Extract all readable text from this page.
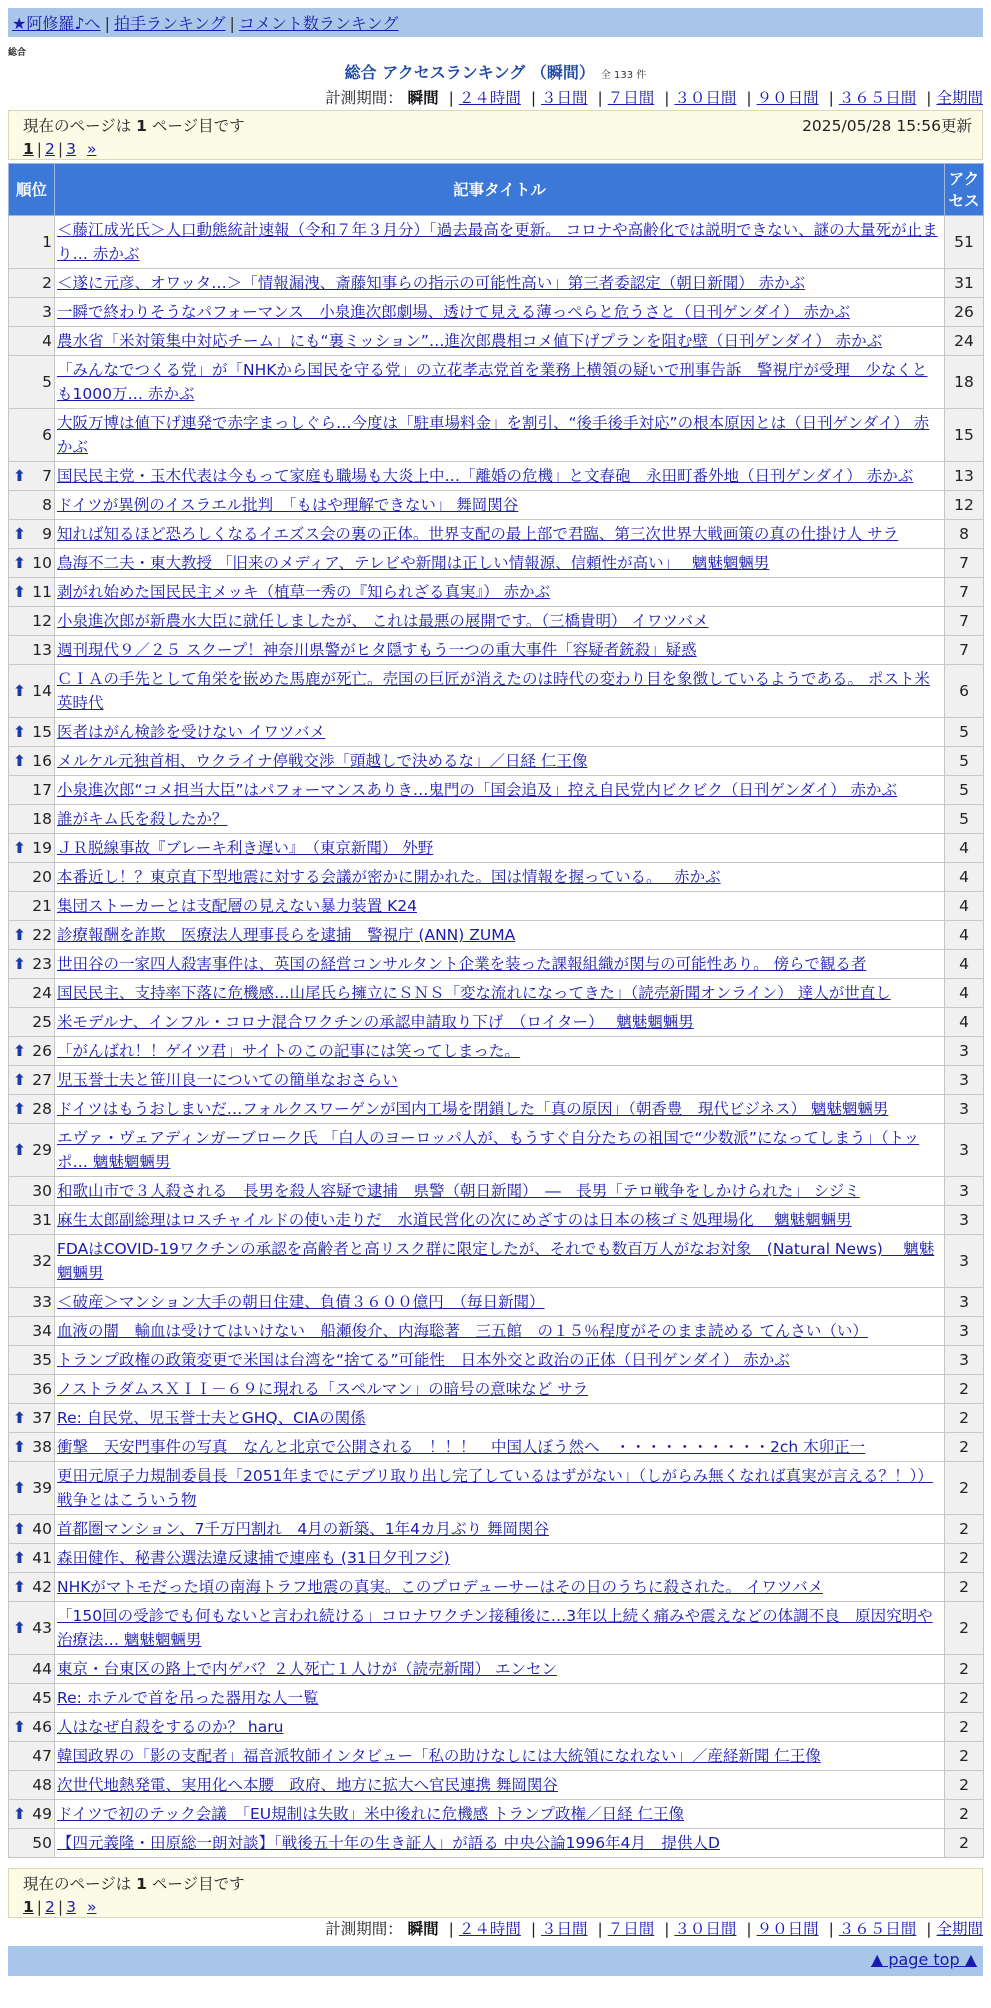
★阿修羅♪へ | 拍手ランキング | コメント数ランキング
総合
総合 アクセスランキング （瞬間） 全 133 件
計測期間： 瞬間 | ２４時間 | ３日間 | ７日間 | ３０日間 | ９０日間 | ３６５日間 | 全期間
現在のページは 1 ページ目です	2025/05/28 15:56更新
1 | 2 | 3 »
順位	記事タイトル	アクセス
1	＜藤江成光氏＞人口動態統計速報（令和７年３月分）「過去最高を更新。 コロナや高齢化では説明できない、謎の大量死が止まり… 赤かぶ	51
2	＜遂に元彦、オワッタ…＞「情報漏洩、斎藤知事らの指示の可能性高い」第三者委認定（朝日新聞） 赤かぶ	31
3	一瞬で終わりそうなパフォーマンス　小泉進次郎劇場、透けて見える薄っぺらと危うさと（日刊ゲンダイ） 赤かぶ	26
4	農水省「米対策集中対応チーム」にも“裏ミッション”…進次郎農相コメ値下げプランを阻む壁（日刊ゲンダイ） 赤かぶ	24
5	「みんなでつくる党」が「NHKから国民を守る党」の立花孝志党首を業務上横領の疑いで刑事告訴　警視庁が受理　少なくとも1000万… 赤かぶ	18
6	大阪万博は値下げ連発で赤字まっしぐら…今度は「駐車場料金」を割引、“後手後手対応”の根本原因とは（日刊ゲンダイ） 赤かぶ	15

⬆ 7	国民民主党・玉木代表は今もって家庭も職場も大炎上中…「離婚の危機」と文春砲　永田町番外地（日刊ゲンダイ） 赤かぶ	13
8	ドイツが異例のイスラエル批判　「もはや理解できない」 舞岡関谷	12

⬆ 9	知れば知るほど恐ろしくなるイエズス会の裏の正体。世界支配の最上部で君臨、第三次世界大戦画策の真の仕掛け人 サラ	8

⬆ 10	鳥海不二夫・東大教授 「旧来のメディア、テレビや新聞は正しい情報源、信頼性が高い」　 魑魅魍魎男	7

⬆ 11	剥がれ始めた国民民主メッキ（植草一秀の『知られざる真実』） 赤かぶ	7
12	小泉進次郎が新農水大臣に就任しましたが、 これは最悪の展開です。（三橋貴明） イワツバメ	7
13	週刊現代９／２５ スクープ！神奈川県警がヒタ隠すもう一つの重大事件「容疑者銃殺」疑惑	7

⬆ 14	ＣＩＡの手先として角栄を嵌めた馬鹿が死亡。売国の巨匠が消えたのは時代の変わり目を象徴しているようである。 ポスト米英時代	6

⬆ 15	医者はがん検診を受けない イワツバメ	5

⬆ 16	メルケル元独首相、ウクライナ停戦交渉「頭越しで決めるな」／日経 仁王像	5
17	小泉進次郎“コメ担当大臣”はパフォーマンスありき…鬼門の「国会追及」控え自民党内ビクビク（日刊ゲンダイ） 赤かぶ	5
18	誰がキム氏を殺したか？	5

⬆ 19	ＪＲ脱線事故『ブレーキ利き遅い』　（東京新聞） 外野	4
20	本番近し！？東京直下型地震に対する会議が密かに開かれた。国は情報を握っている。　 赤かぶ	4
21	集団ストーカーとは支配層の見えない暴力装置 K24	4

⬆ 22	診療報酬を詐欺　医療法人理事長らを逮捕　警視庁 (ANN) ZUMA	4

⬆ 23	世田谷の一家四人殺害事件は、英国の経営コンサルタント企業を装った課報組織が関与の可能性あり。 傍らで観る者	4
24	国民民主、支持率下落に危機感…山尾氏ら擁立にＳＮＳ「変な流れになってきた」（読売新聞オンライン） 達人が世直し	4
25	米モデルナ、インフル・コロナ混合ワクチンの承認申請取り下げ　（ロイター）　 魑魅魍魎男	4

⬆ 26	「がんばれ！！ゲイツ君」サイトのこの記事には笑ってしまった。	3

⬆ 27	児玉誉士夫と笹川良一についての簡単なおさらい	3

⬆ 28	ドイツはもうおしまいだ…フォルクスワーゲンが国内工場を閉鎖した「真の原因」（朝香豊　現代ビジネス） 魑魅魍魎男	3

⬆ 29	エヴァ・ヴェアディンガーブローク氏 「白人のヨーロッパ人が、もうすぐ自分たちの祖国で“少数派”になってしまう」（トッポ… 魑魅魍魎男	3
30	和歌山市で３人殺される　長男を殺人容疑で逮捕　県警（朝日新聞）　―　長男「テロ戦争をしかけられた」 シジミ	3
31	麻生太郎副総理はロスチャイルドの使い走りだ　水道民営化の次にめざすのは日本の核ゴミ処理場化　 魑魅魍魎男	3
32	FDAはCOVID-19ワクチンの承認を高齢者と高リスク群に限定したが、それでも数百万人がなお対象　(Natural News)　 魑魅魍魎男	3
33	＜破産＞マンション大手の朝日住建、負債３６００億円　（毎日新聞）	3
34	血液の闇　輸血は受けてはいけない　船瀬俊介、内海聡著　三五館　の１５％程度がそのまま読める てんさい（い）	3
35	トランプ政権の政策変更で米国は台湾を“捨てる”可能性　日本外交と政治の正体（日刊ゲンダイ） 赤かぶ	3
36	ノストラダムスＸＩＩ－６９に現れる「スペルマン」の暗号の意味など サラ	2

⬆ 37	Re: 自民党、児玉誉士夫とGHQ、CIAの関係	2

⬆ 38	衝撃　天安門事件の写真　なんと北京で公開される　！！！　中国人ぼう然へ　・・・・・・・・・・2ch 木卯正一	2

⬆ 39	更田元原子力規制委員長「2051年までにデブリ取り出し完了しているはずがない」（しがらみ無くなれば真実が言える？！）） 戦争とはこういう物	2

⬆ 40	首都圏マンション、7千万円割れ　4月の新築、1年4カ月ぶり 舞岡関谷	2

⬆ 41	森田健作、秘書公選法違反逮捕で連座も (31日夕刊フジ)	2

⬆ 42	NHKがマトモだった頃の南海トラフ地震の真実。このプロデューサーはその日のうちに殺された。 イワツバメ	2

⬆ 43	「150回の受診でも何もないと言われ続ける」コロナワクチン接種後に…3年以上続く痛みや震えなどの体調不良　原因究明や治療法… 魑魅魍魎男	2
44	東京・台東区の路上で内ゲバ？２人死亡１人けが（読売新聞） エンセン	2
45	Re: ホテルで首を吊った器用な人一覧	2

⬆ 46	人はなぜ自殺をするのか？ haru	2
47	韓国政界の「影の支配者」福音派牧師インタビュー「私の助けなしには大統領になれない」／産経新聞 仁王像	2
48	次世代地熱発電、実用化へ本腰　政府、地方に拡大へ官民連携 舞岡関谷	2

⬆ 49	ドイツで初のテック会議　「EU規制は失敗」米中後れに危機感 トランプ政権／日経 仁王像	2
50	【四元義隆・田原総一朗対談】「戦後五十年の生き証人」が語る 中央公論1996年4月　提供人D	2
現在のページは 1 ページ目です
1 | 2 | 3 »
計測期間： 瞬間 | ２４時間 | ３日間 | ７日間 | ３０日間 | ９０日間 | ３６５日間 | 全期間
▲ page top ▲
